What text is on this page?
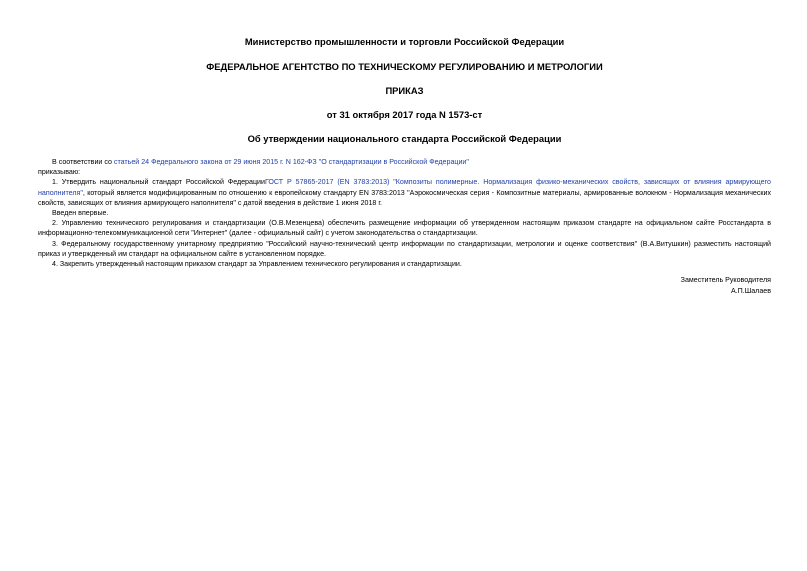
Министерство промышленности и торговли Российской Федерации

ФЕДЕРАЛЬНОЕ АГЕНТСТВО ПО ТЕХНИЧЕСКОМУ РЕГУЛИРОВАНИЮ И МЕТРОЛОГИИ

ПРИКАЗ

от 31 октября 2017 года N 1573-ст

Об утверждении национального стандарта Российской Федерации

В соответствии со статьей 24 Федерального закона от 29 июня 2015 г. N 162-ФЗ "О стандартизации в Российской Федерации"

приказываю:

1. Утвердить национальный стандарт Российской ФедерацииГОСТ Р 57865-2017 (EN 3783:2013) "Композиты полимерные. Нормализация физико-механических свойств, зависящих от влияния армирующего наполнителя", который является модифицированным по отношению к европейскому стандарту EN 3783:2013 "Аэрокосмическая серия - Композитные материалы, армированные волокном - Нормализация механических свойств, зависящих от влияния армирующего наполнителя" с датой введения в действие 1 июня 2018 г.

Введен впервые.

2. Управлению технического регулирования и стандартизации (О.В.Мезенцева) обеспечить размещение информации об утвержденном настоящим приказом стандарте на официальном сайте Росстандарта в информационно-телекоммуникационной сети "Интернет" (далее - официальный сайт) с учетом законодательства о стандартизации.

3. Федеральному государственному унитарному предприятию "Российский научно-технический центр информации по стандартизации, метрологии и оценке соответствия" (В.А.Витушкин) разместить настоящий приказ и утвержденный им стандарт на официальном сайте в установленном порядке.

4. Закрепить утвержденный настоящим приказом стандарт за Управлением технического регулирования и стандартизации.

Заместитель Руководителя
А.П.Шалаев
